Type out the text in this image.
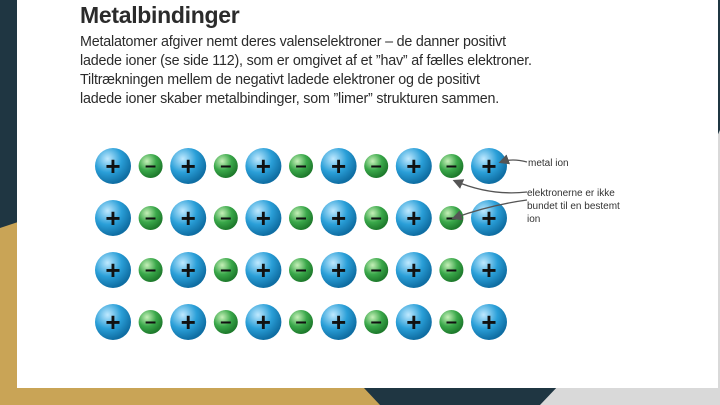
Metalbindinger

Metalatomer afgiver nemt deres valenselektroner – de danner positivt
ladede ioner (se side 112), som er omgivet af et ”hav” af fælles elektroner.
Tiltrækningen mellem de negativt ladede elektroner og de positivt
ladede ioner skaber metalbindinger, som ”limer” strukturen sammen.

+ – + – + – + – + – +
+ – + – + – + – + – +
+ – + – + – + – + – +
+ – + – + – + – + – +
metal ion
elektronerne er ikke
bundet til en bestemt
ion
